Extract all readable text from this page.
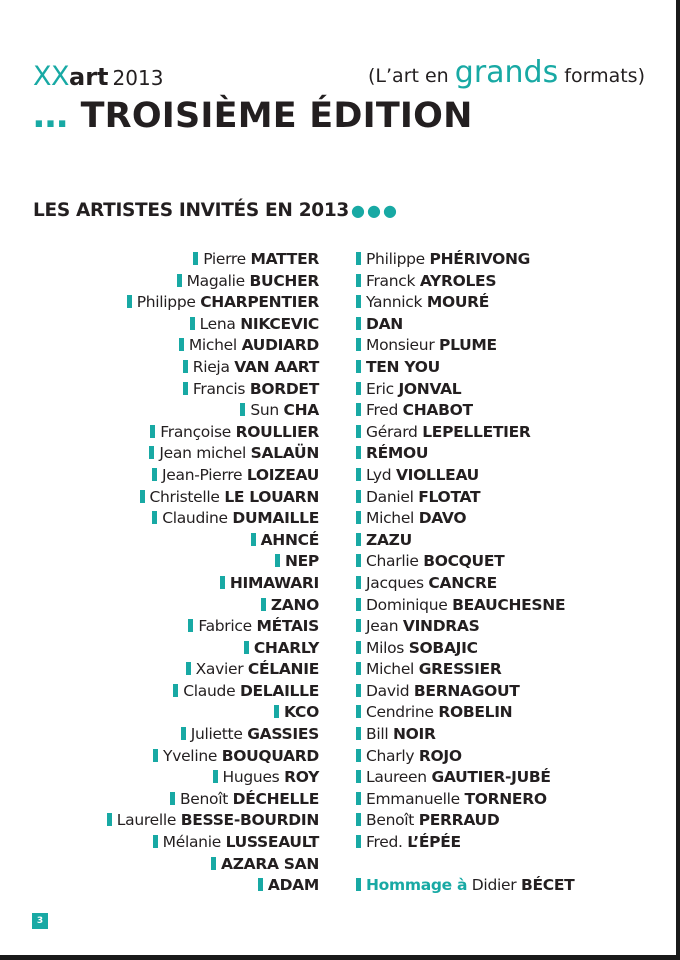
XXart 2013	(L’art en grands formats)
… TROISIÈME ÉDITION
LES ARTISTES INVITÉS EN 2013 ●●●
Pierre MATTER
Magalie BUCHER
Philippe CHARPENTIER
Lena NIKCEVIC
Michel AUDIARD
Rieja VAN AART
Francis BORDET
Sun CHA
Françoise ROULLIER
Jean michel SALAÜN
Jean-Pierre LOIZEAU
Christelle LE LOUARN
Claudine DUMAILLE
AHNCÉ
NEP
HIMAWARI
ZANO
Fabrice MÉTAIS
CHARLY
Xavier CÉLANIE
Claude DELAILLE
KCO
Juliette GASSIES
Yveline BOUQUARD
Hugues ROY
Benoît DÉCHELLE
Laurelle BESSE-BOURDIN
Mélanie LUSSEAULT
AZARA SAN
ADAM
Philippe PHÉRIVONG
Franck AYROLES
Yannick MOURÉ
DAN
Monsieur PLUME
TEN YOU
Eric JONVAL
Fred CHABOT
Gérard LEPELLETIER
RÉMOU
Lyd VIOLLEAU
Daniel FLOTAT
Michel DAVO
ZAZU
Charlie BOCQUET
Jacques CANCRE
Dominique BEAUCHESNE
Jean VINDRAS
Milos SOBAJIC
Michel GRESSIER
David BERNAGOUT
Cendrine ROBELIN
Bill NOIR
Charly ROJO
Laureen GAUTIER-JUBÉ
Emmanuelle TORNERO
Benoît PERRAUD
Fred. L’ÉPÉE
Hommage à Didier BÉCET
3
